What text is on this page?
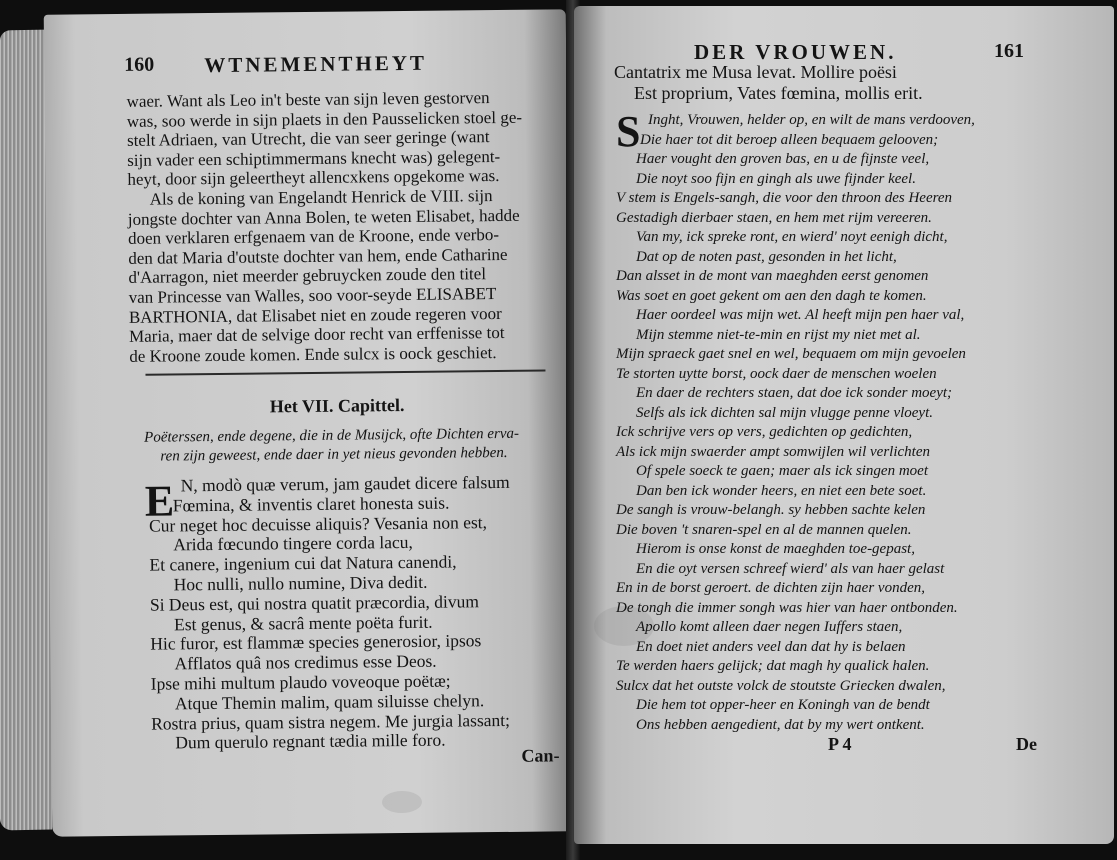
160 WTNEMENTHEYT
waer. Want als Leo in't beste van sijn leven gestorven
was, soo werde in sijn plaets in den Pausselicken stoel ge-
stelt Adriaen, van Utrecht, die van seer geringe (want
sijn vader een schiptimmermans knecht was) gelegent-
heyt, door sijn geleertheyt allencxkens opgekome was.
Als de koning van Engelandt Henrick de VIII. sijn
jongste dochter van Anna Bolen, te weten Elisabet, hadde
doen verklaren erfgenaem van de Kroone, ende verbo-
den dat Maria d'outste dochter van hem, ende Catharine
d'Aarragon, niet meerder gebruycken zoude den titel
van Princesse van Walles, soo voor-seyde ELISABET
BARTHONIA, dat Elisabet niet en zoude regeren voor
Maria, maer dat de selvige door recht van erffenisse tot
de Kroone zoude komen. Ende sulcx is oock geschiet.
Het VII. Capittel.
Poëterssen, ende degene, die in de Musijck, ofte Dichten ervа-
ren zijn geweest, ende daer in yet nieus gevonden hebben.
E N, modò quæ verum, jam gaudet dicere falsum
Fœmina, & inventis claret honesta suis.
Cur neget hoc decuisse aliquis? Vesania non est,
Arida fœcundo tingere corda lacu,
Et canere, ingenium cui dat Natura canendi,
Hoc nulli, nullo numine, Diva dedit.
Si Deus est, qui nostra quatit præcordia, divum
Est genus, & sacrâ mente poëta furit.
Hic furor, est flammæ species generosior, ipsos
Afflatos quâ nos credimus esse Deos.
Ipse mihi multum plaudo voveoque poëtæ;
Atque Themin malim, quam siluisse chelyn.
Rostra prius, quam sistra negem. Me jurgia lassant;
Dum querulo regnant tædia mille foro.
Can-
DER VROUWEN.	161
Cantatrix me Musa levat. Mollire poësi
Est proprium, Vates fœmina, mollis erit.
S Inght, Vrouwen, helder op, en wilt de mans verdooven,
Die haer tot dit beroep alleen bequaem gelooven;
Haer vought den groven bas, en u de fijnste veel,
Die noyt soo fijn en gingh als uwe fijnder keel.
V stem is Engels-sangh, die voor den throon des Heeren
Gestadigh dierbaer staen, en hem met rijm vereeren.
Van my, ick spreke ront, en wierd' noyt eenigh dicht,
Dat op de noten past, gesonden in het licht,
Dan alsset in de mont van maeghden eerst genomen
Was soet en goet gekent om aen den dagh te komen.
Haer oordeel was mijn wet. Al heeft mijn pen haer val,
Mijn stemme niet-te-min en rijst my niet met al.
Mijn spraeck gaet snel en wel, bequaem om mijn gevoelen
Te storten uytte borst, oock daer de menschen woelen
En daer de rechters staen, dat doe ick sonder moeyt;
Selfs als ick dichten sal mijn vlugge penne vloeyt.
Ick schrijve vers op vers, gedichten op gedichten,
Als ick mijn swaerder ampt somwijlen wil verlichten
Of spele soeck te gaen; maer als ick singen moet
Dan ben ick wonder heers, en niet een bete soet.
De sangh is vrouw-belangh. sy hebben sachte kelen
Die boven 't snaren-spel en al de mannen quelen.
Hierom is onse konst de maeghden toe-gepast,
En die oyt versen schreef wierd' als van haer gelast
En in de borst geroert. de dichten zijn haer vonden,
De tongh die immer songh was hier van haer ontbonden.
Apollo komt alleen daer negen Iuffers staen,
En doet niet anders veel dan dat hy is belaen
Te werden haers gelijck; dat magh hy qualick halen.
Sulcx dat het outste volck de stoutste Griecken dwalen,
Die hem tot opper-heer en Koningh van de bendt
Ons hebben aengedient, dat by my wert ontkent.
P 4	De
